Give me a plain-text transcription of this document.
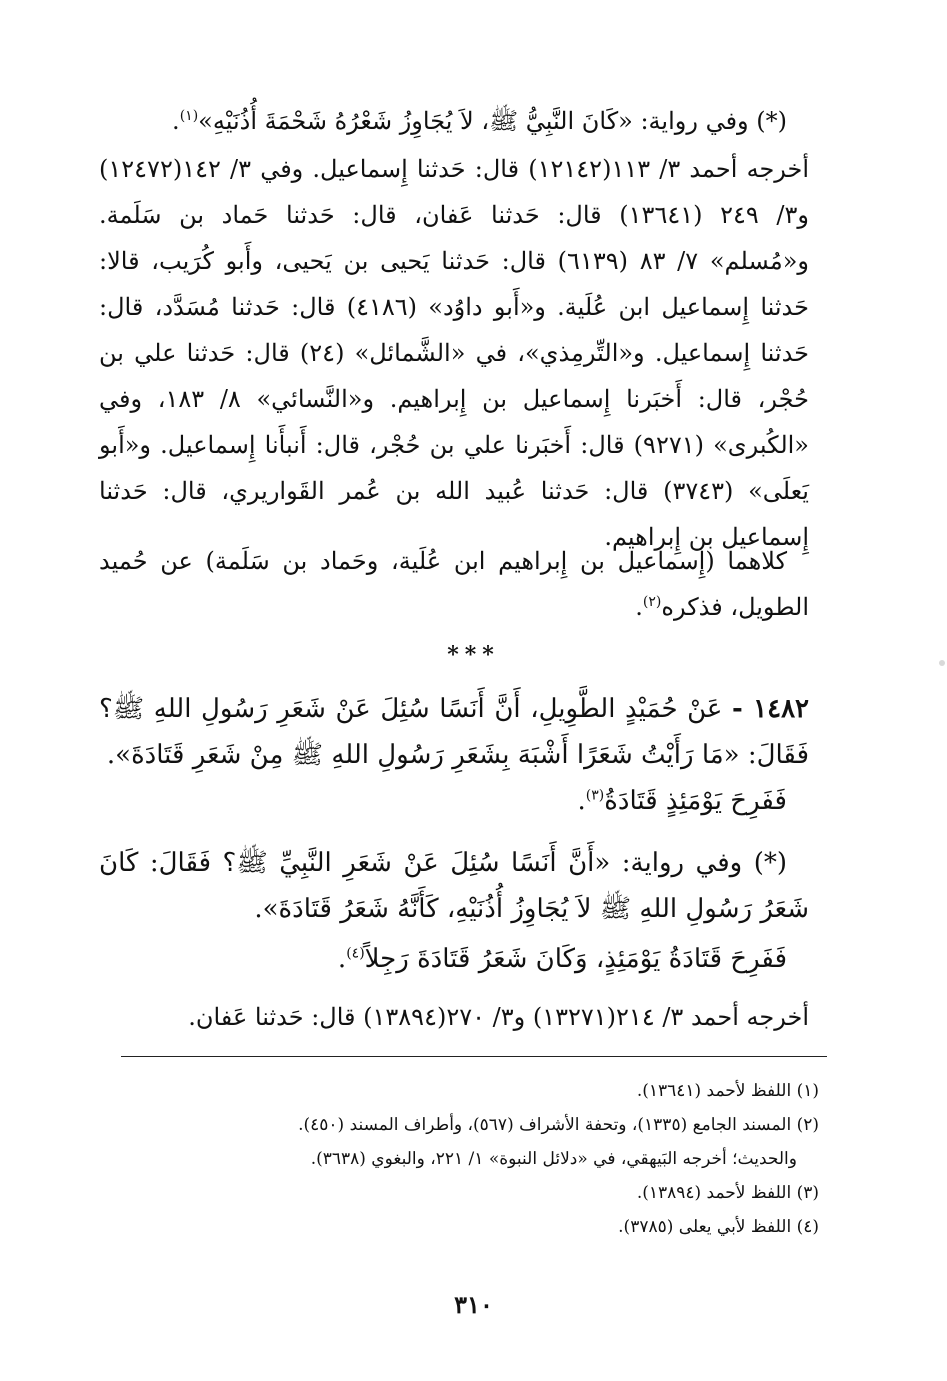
(*) وفي رواية: «كَانَ النَّبِيُّ ﷺ، لاَ يُجَاوِزُ شَعْرُهُ شَحْمَةَ أُذُنَيْهِ»$^{(١)}$.
أخرجه أحمد ٣/ ١١٣(١٢١٤٢) قال: حَدثنا إِسماعيل. وفي ٣/ ١٤٢(١٢٤٧٢) و٣/ ٢٤٩ (١٣٦٤١) قال: حَدثنا عَفان، قال: حَدثنا حَماد بن سَلَمة. و«مُسلم» ٧/ ٨٣ (٦١٣٩) قال: حَدثنا يَحيى بن يَحيى، وأَبو كُرَيب، قالا: حَدثنا إِسماعيل ابن عُلَية. و«أَبو داوُد» (٤١٨٦) قال: حَدثنا مُسَدَّد، قال: حَدثنا إِسماعيل. و«التِّرمِذي»، في «الشَّمائل» (٢٤) قال: حَدثنا علي بن حُجْر، قال: أَخبَرنا إِسماعيل بن إِبراهيم. و«النَّسائي» ٨/ ١٨٣، وفي «الكُبرى» (٩٢٧١) قال: أَخبَرنا علي بن حُجْر، قال: أَنبأَنا إِسماعيل. و«أَبو يَعلَى» (٣٧٤٣) قال: حَدثنا عُبيد الله بن عُمر القَواريري، قال: حَدثنا إِسماعيل بن إِبراهيم.
كلاهما (إِسماعيل بن إِبراهيم ابن عُلَية، وحَماد بن سَلَمة) عن حُميد الطويل، فذكره$^{(٢)}$.
***
١٤٨٢ - عَنْ حُمَيْدٍ الطَّوِيلِ، أَنَّ أَنَسًا سُئِلَ عَنْ شَعَرِ رَسُولِ اللهِ ﷺ؟ فَقَالَ: «مَا رَأَيْتُ شَعَرًا أَشْبَهَ بِشَعَرِ رَسُولِ اللهِ ﷺ مِنْ شَعَرِ قَتَادَةَ».
فَفَرِحَ يَوْمَئِذٍ قَتَادَةُ$^{(٣)}$.
(*) وفي رواية: «أَنَّ أَنَسًا سُئِلَ عَنْ شَعَرِ النَّبِيِّ ﷺ؟ فَقَالَ: كَانَ شَعَرُ رَسُولِ اللهِ ﷺ لاَ يُجَاوِزُ أُذُنَيْهِ، كَأَنَّهُ شَعَرُ قَتَادَةَ».
فَفَرِحَ قَتَادَةُ يَوْمَئِذٍ، وَكَانَ شَعَرُ قَتَادَةَ رَجِلاً$^{(٤)}$.
أخرجه أحمد ٣/ ٢١٤(١٣٢٧١) و٣/ ٢٧٠(١٣٨٩٤) قال: حَدثنا عَفان.
(١) اللفظ لأحمد (١٣٦٤١).
(٢) المسند الجامع (١٣٣٥)، وتحفة الأشراف (٥٦٧)، وأطراف المسند (٤٥٠).
والحديث؛ أخرجه البَيهقي، في «دلائل النبوة» ١/ ٢٢١، والبغوي (٣٦٣٨).
(٣) اللفظ لأحمد (١٣٨٩٤).
(٤) اللفظ لأبي يعلى (٣٧٨٥).
٣١٠
